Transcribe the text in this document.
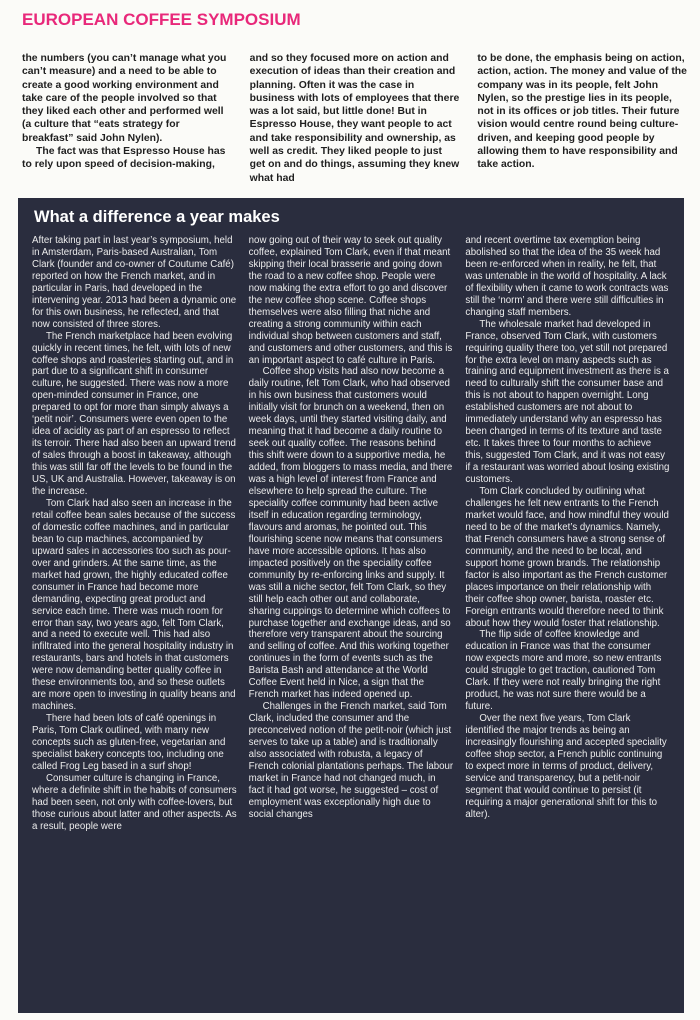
EUROPEAN COFFEE SYMPOSIUM

the numbers (you can’t manage what you can’t measure) and a need to be able to create a good working environment and take care of the people involved so that they liked each other and performed well (a culture that “eats strategy for breakfast” said John Nylen).

The fact was that Espresso House has to rely upon speed of decision-making,

and so they focused more on action and execution of ideas than their creation and planning. Often it was the case in business with lots of employees that there was a lot said, but little done! But in Espresso House, they want people to act and take responsibility and ownership, as well as credit. They liked people to just get on and do things, assuming they knew what had

to be done, the emphasis being on action, action, action. The money and value of the company was in its people, felt John Nylen, so the prestige lies in its people, not in its offices or job titles. Their future vision would centre round being culture-driven, and keeping good people by allowing them to have responsibility and take action.

What a difference a year makes

After taking part in last year’s symposium, held in Amsterdam, Paris-based Australian, Tom Clark (founder and co-owner of Coutume Café) reported on how the French market, and in particular in Paris, had developed in the intervening year. 2013 had been a dynamic one for this own business, he reflected, and that now consisted of three stores.

The French marketplace had been evolving quickly in recent times, he felt, with lots of new coffee shops and roasteries starting out, and in part due to a significant shift in consumer culture, he suggested. There was now a more open-minded consumer in France, one prepared to opt for more than simply always a ‘petit noir’. Consumers were even open to the idea of acidity as part of an espresso to reflect its terroir. There had also been an upward trend of sales through a boost in takeaway, although this was still far off the levels to be found in the US, UK and Australia. However, takeaway is on the increase.

Tom Clark had also seen an increase in the retail coffee bean sales because of the success of domestic coffee machines, and in particular bean to cup machines, accompanied by upward sales in accessories too such as pour-over and grinders. At the same time, as the market had grown, the highly educated coffee consumer in France had become more demanding, expecting great product and service each time. There was much room for error than say, two years ago, felt Tom Clark, and a need to execute well. This had also infiltrated into the general hospitality industry in restaurants, bars and hotels in that customers were now demanding better quality coffee in these environments too, and so these outlets are more open to investing in quality beans and machines.

There had been lots of café openings in Paris, Tom Clark outlined, with many new concepts such as gluten-free, vegetarian and specialist bakery concepts too, including one called Frog Leg based in a surf shop!

Consumer culture is changing in France, where a definite shift in the habits of consumers had been seen, not only with coffee-lovers, but those curious about latter and other aspects. As a result, people were

now going out of their way to seek out quality coffee, explained Tom Clark, even if that meant skipping their local brasserie and going down the road to a new coffee shop. People were now making the extra effort to go and discover the new coffee shop scene. Coffee shops themselves were also filling that niche and creating a strong community within each individual shop between customers and staff, and customers and other customers, and this is an important aspect to café culture in Paris.

Coffee shop visits had also now become a daily routine, felt Tom Clark, who had observed in his own business that customers would initially visit for brunch on a weekend, then on week days, until they started visiting daily, and meaning that it had become a daily routine to seek out quality coffee. The reasons behind this shift were down to a supportive media, he added, from bloggers to mass media, and there was a high level of interest from France and elsewhere to help spread the culture. The speciality coffee community had been active itself in education regarding terminology, flavours and aromas, he pointed out. This flourishing scene now means that consumers have more accessible options. It has also impacted positively on the speciality coffee community by re-enforcing links and supply. It was still a niche sector, felt Tom Clark, so they still help each other out and collaborate, sharing cuppings to determine which coffees to purchase together and exchange ideas, and so therefore very transparent about the sourcing and selling of coffee. And this working together continues in the form of events such as the Barista Bash and attendance at the World Coffee Event held in Nice, a sign that the French market has indeed opened up.

Challenges in the French market, said Tom Clark, included the consumer and the preconceived notion of the petit-noir (which just serves to take up a table) and is traditionally also associated with robusta, a legacy of French colonial plantations perhaps. The labour market in France had not changed much, in fact it had got worse, he suggested – cost of employment was exceptionally high due to social changes

and recent overtime tax exemption being abolished so that the idea of the 35 week had been re-enforced when in reality, he felt, that was untenable in the world of hospitality. A lack of flexibility when it came to work contracts was still the ‘norm’ and there were still difficulties in changing staff members.

The wholesale market had developed in France, observed Tom Clark, with customers requiring quality there too, yet still not prepared for the extra level on many aspects such as training and equipment investment as there is a need to culturally shift the consumer base and this is not about to happen overnight. Long established customers are not about to immediately understand why an espresso has been changed in terms of its texture and taste etc. It takes three to four months to achieve this, suggested Tom Clark, and it was not easy if a restaurant was worried about losing existing customers.

Tom Clark concluded by outlining what challenges he felt new entrants to the French market would face, and how mindful they would need to be of the market’s dynamics. Namely, that French consumers have a strong sense of community, and the need to be local, and support home grown brands. The relationship factor is also important as the French customer places importance on their relationship with their coffee shop owner, barista, roaster etc. Foreign entrants would therefore need to think about how they would foster that relationship.

The flip side of coffee knowledge and education in France was that the consumer now expects more and more, so new entrants could struggle to get traction, cautioned Tom Clark. If they were not really bringing the right product, he was not sure there would be a future.

Over the next five years, Tom Clark identified the major trends as being an increasingly flourishing and accepted speciality coffee shop sector, a French public continuing to expect more in terms of product, delivery, service and transparency, but a petit-noir segment that would continue to persist (it requiring a major generational shift for this to alter).
